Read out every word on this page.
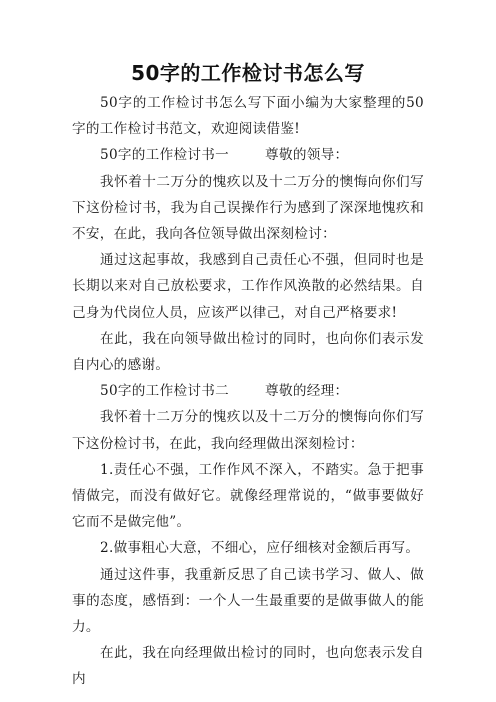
50字的工作检讨书怎么写

50字的工作检讨书怎么写下面小编为大家整理的50字的工作检讨书范文，欢迎阅读借鉴!

50字的工作检讨书一	尊敬的领导：

我怀着十二万分的愧疚以及十二万分的懊悔向你们写下这份检讨书，我为自己误操作行为感到了深深地愧疚和不安，在此，我向各位领导做出深刻检讨：

通过这起事故，我感到自己责任心不强，但同时也是长期以来对自己放松要求，工作作风涣散的必然结果。自己身为代岗位人员，应该严以律己，对自己严格要求!

在此，我在向领导做出检讨的同时，也向你们表示发自内心的感谢。

50字的工作检讨书二	尊敬的经理：

我怀着十二万分的愧疚以及十二万分的懊悔向你们写下这份检讨书，在此，我向经理做出深刻检讨：

1.责任心不强，工作作风不深入，不踏实。急于把事情做完，而没有做好它。就像经理常说的，“做事要做好它而不是做完他”。

2.做事粗心大意，不细心，应仔细核对金额后再写。

通过这件事，我重新反思了自己读书学习、做人、做事的态度，感悟到：一个人一生最重要的是做事做人的能力。

在此，我在向经理做出检讨的同时，也向您表示发自内
